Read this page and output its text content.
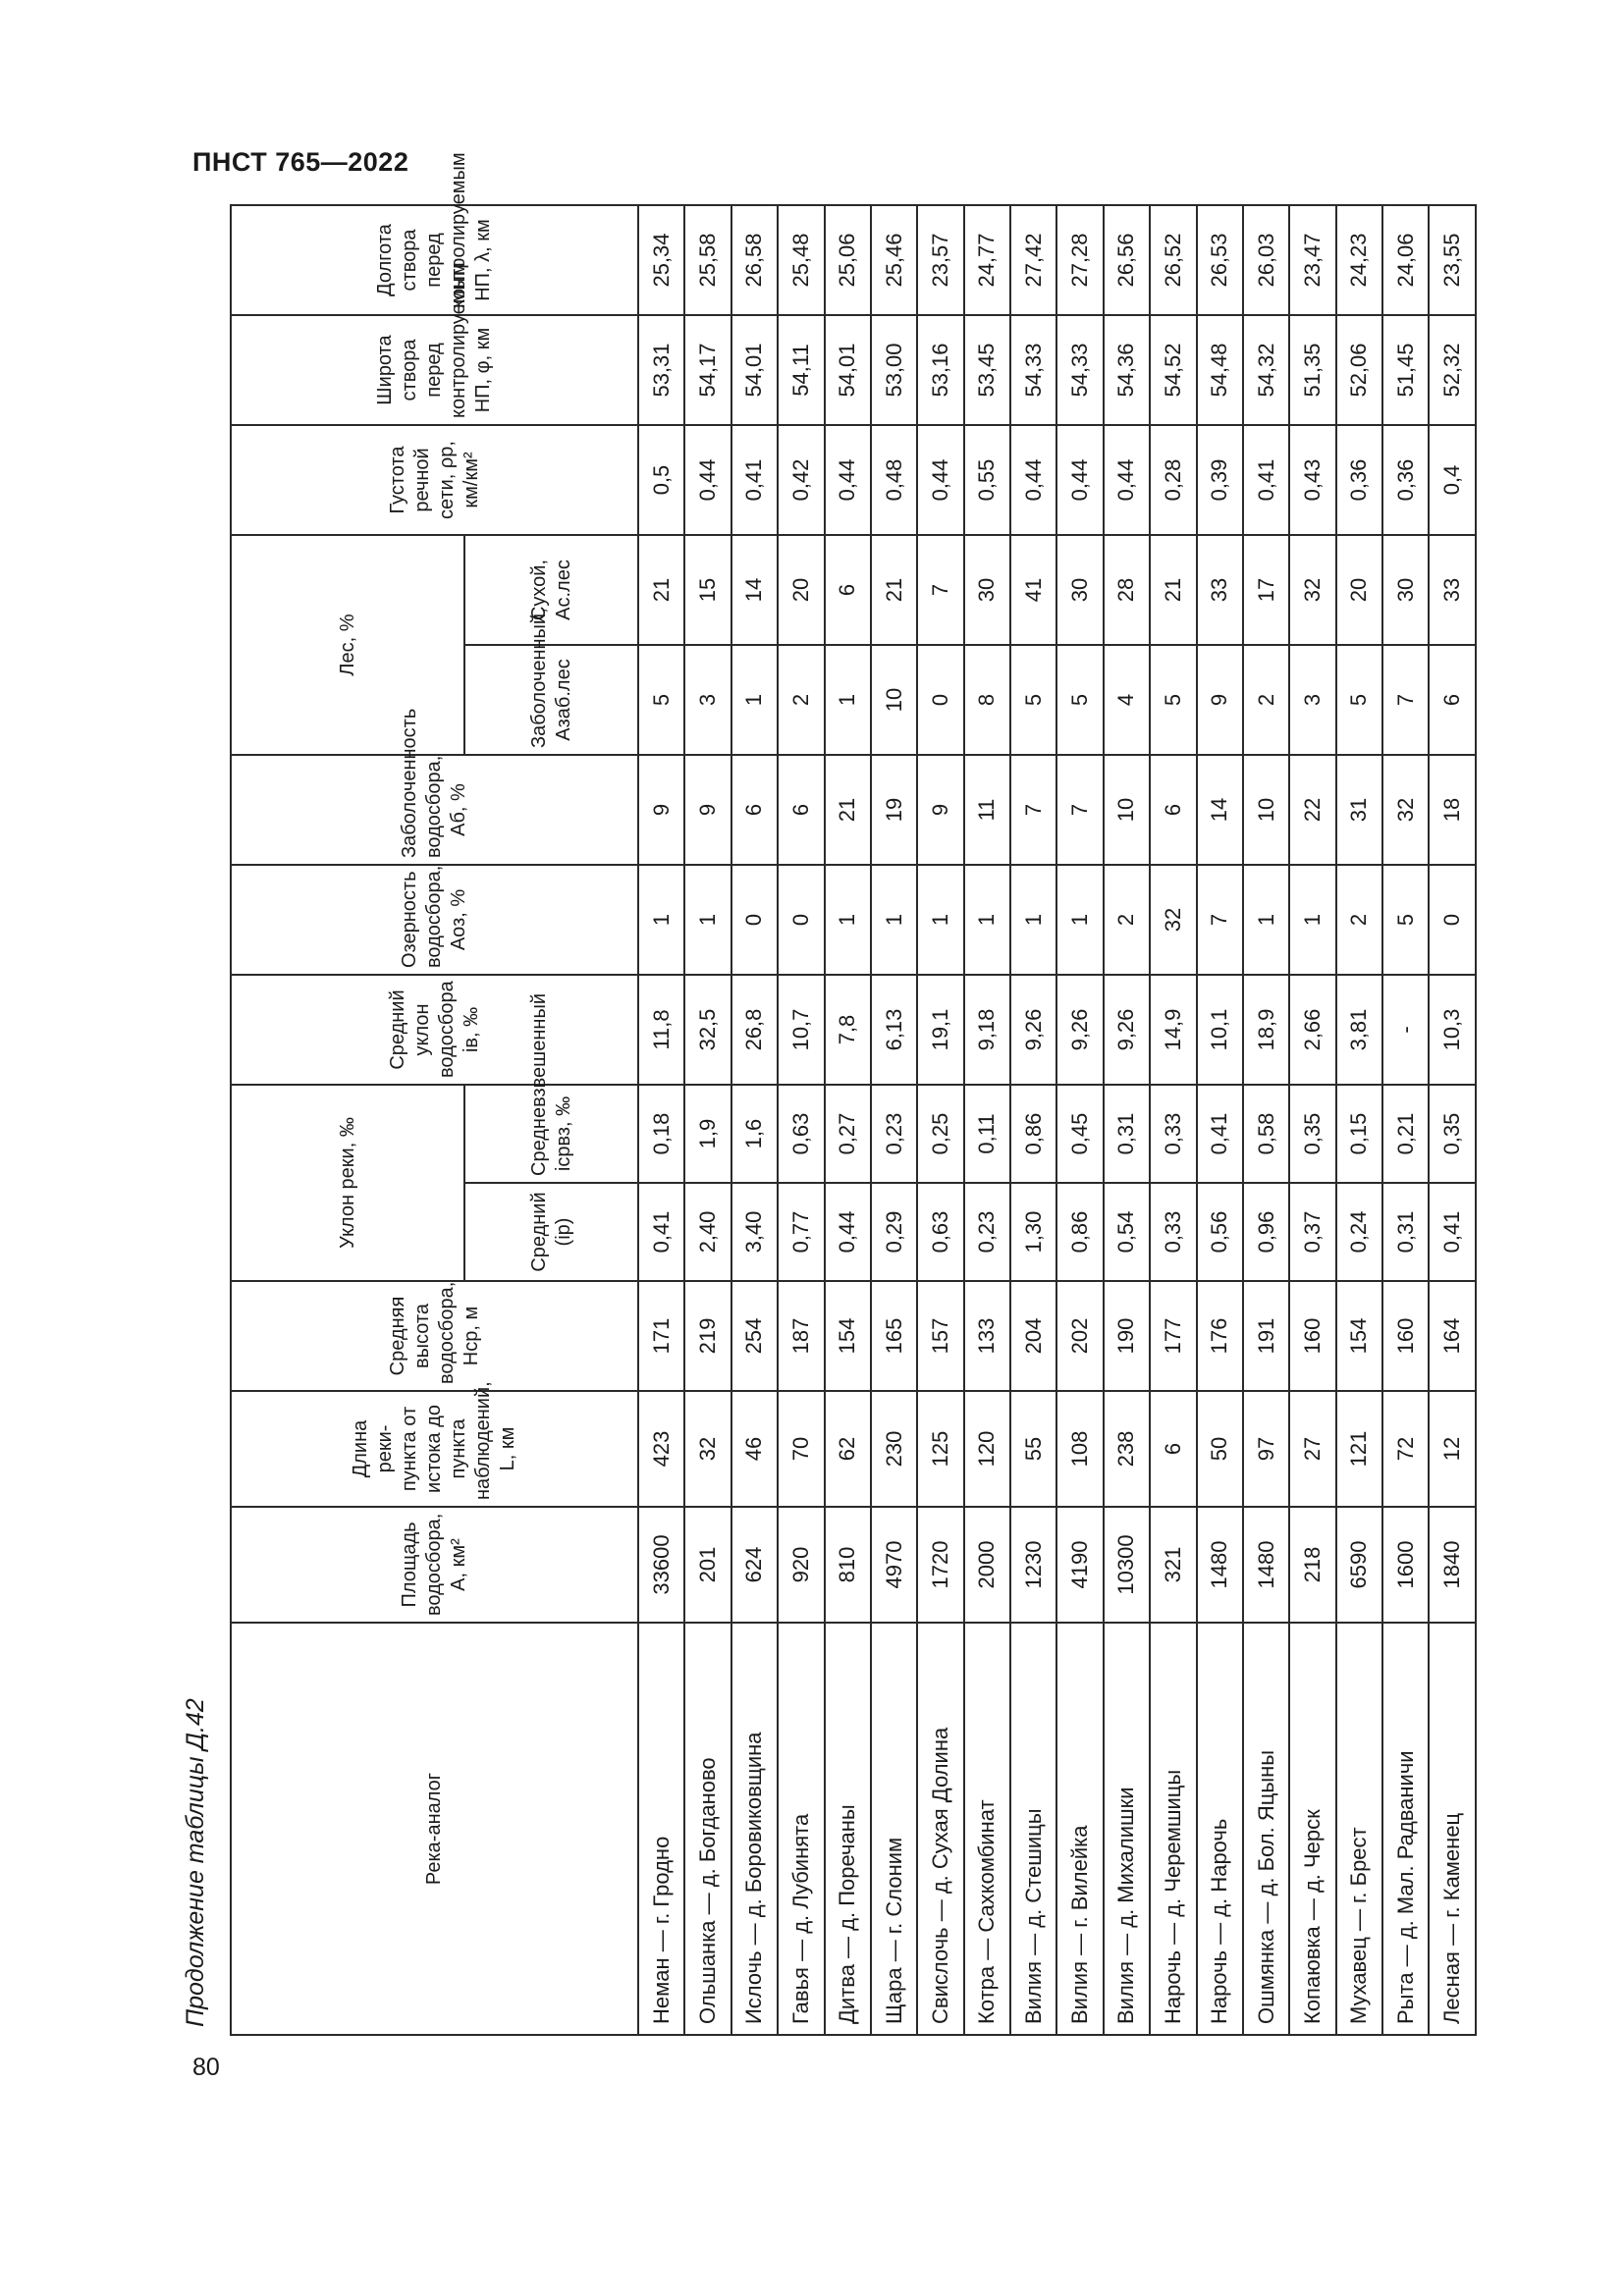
ПНСТ 765—2022
Продолжение таблицы Д.42
80
Река-аналог	Площадь водосбора, A, км²	Длина реки-пункта от истока до пункта наблюдений, L, км	Средняя высота водосбора, Hср, м	Уклон реки, ‰		Средний уклон водосбора iв, ‰	Озерность водосбора, Aоз, %	Заболоченность водосбора, Aб, %	Лес, %		Густота речной сети, ρр, км/км²	Широта створа перед контролируемым НП, φ, км	Долгота створа перед контролируемым НП, λ, км
				Средний (iр)	Средневзвешенный iсрвз, ‰				Заболоченный, Aзаб.лес	Сухой, Aс.лес			
Неман — г. Гродно	33600	423	171	0,41	0,18	11,8	1	9	5	21	0,5	53,31	25,34
Ольшанка — д. Богданово	201	32	219	2,40	1,9	32,5	1	9	3	15	0,44	54,17	25,58
Ислочь — д. Боровиковщина	624	46	254	3,40	1,6	26,8	0	6	1	14	0,41	54,01	26,58
Гавья — д. Лубинята	920	70	187	0,77	0,63	10,7	0	6	2	20	0,42	54,11	25,48
Дитва — д. Поречаны	810	62	154	0,44	0,27	7,8	1	21	1	6	0,44	54,01	25,06
Щара — г. Слоним	4970	230	165	0,29	0,23	6,13	1	19	10	21	0,48	53,00	25,46
Свислочь — д. Сухая Долина	1720	125	157	0,63	0,25	19,1	1	9	0	7	0,44	53,16	23,57
Котра — Сахкомбинат	2000	120	133	0,23	0,11	9,18	1	11	8	30	0,55	53,45	24,77
Вилия — д. Стешицы	1230	55	204	1,30	0,86	9,26	1	7	5	41	0,44	54,33	27,42
Вилия — г. Вилейка	4190	108	202	0,86	0,45	9,26	1	7	5	30	0,44	54,33	27,28
Вилия — д. Михалишки	10300	238	190	0,54	0,31	9,26	2	10	4	28	0,44	54,36	26,56
Нарочь — д. Черемшицы	321	6	177	0,33	0,33	14,9	32	6	5	21	0,28	54,52	26,52
Нарочь — д. Нарочь	1480	50	176	0,56	0,41	10,1	7	14	9	33	0,39	54,48	26,53
Ошмянка — д. Бол. Яцыны	1480	97	191	0,96	0,58	18,9	1	10	2	17	0,41	54,32	26,03
Копаювка — д. Черск	218	27	160	0,37	0,35	2,66	1	22	3	32	0,43	51,35	23,47
Мухавец — г. Брест	6590	121	154	0,24	0,15	3,81	2	31	5	20	0,36	52,06	24,23
Рыта — д. Мал. Радваничи	1600	72	160	0,31	0,21	-	5	32	7	30	0,36	51,45	24,06
Лесная — г. Каменец	1840	12	164	0,41	0,35	10,3	0	18	6	33	0,4	52,32	23,55
